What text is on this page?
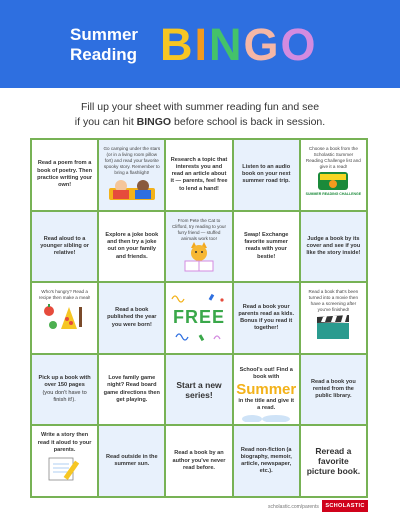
Summer
Reading B I N G O
Fill up your sheet with summer reading fun and see
if you can hit BINGO before school is back in session.

Read a poem from a book of poetry. Then practice writing your own!

Go camping under the stars (or in a living room pillow fort) and read your favorite spooky story. Remember to bring a flashlight!

Research a topic that interests you and read an article about it — parents, feel free to lend a hand!

Listen to an audio book on your next summer road trip.

Choose a book from the Scholastic Summer Reading Challenge list and give it a read!

SUMMER READING CHALLENGE

Read aloud to a younger sibling or relative!

Explore a joke book and then try a joke out on your family and friends.

From Pete the Cat to Clifford, try reading to your furry friend — stuffed animals work too!

Swap! Exchange favorite summer reads with your bestie!

Judge a book by its cover and see if you like the story inside!

Who's hungry? Read a recipe then make a meal!

Read a book published the year you were born!	FREE

Read a book your parents read as kids. Bonus if you read it together!

Read a book that's been turned into a movie then have a screening after you've finished!

Pick up a book with over 150 pages

(you don't have to finish it!).

Love family game night? Read board game directions then get playing.

Start a new series!

School's out! Find a book with

Summer

in the title and give it a read.

Read a book you rented from the public library.

Write a story then read it aloud to your parents.

Read outside in the summer sun.

Read a book by an author you've never read before.

Read non-fiction (a biography, memoir, article, newspaper, etc.).

Reread a favorite picture book.

scholastic.com/parents	SCHOLASTIC
